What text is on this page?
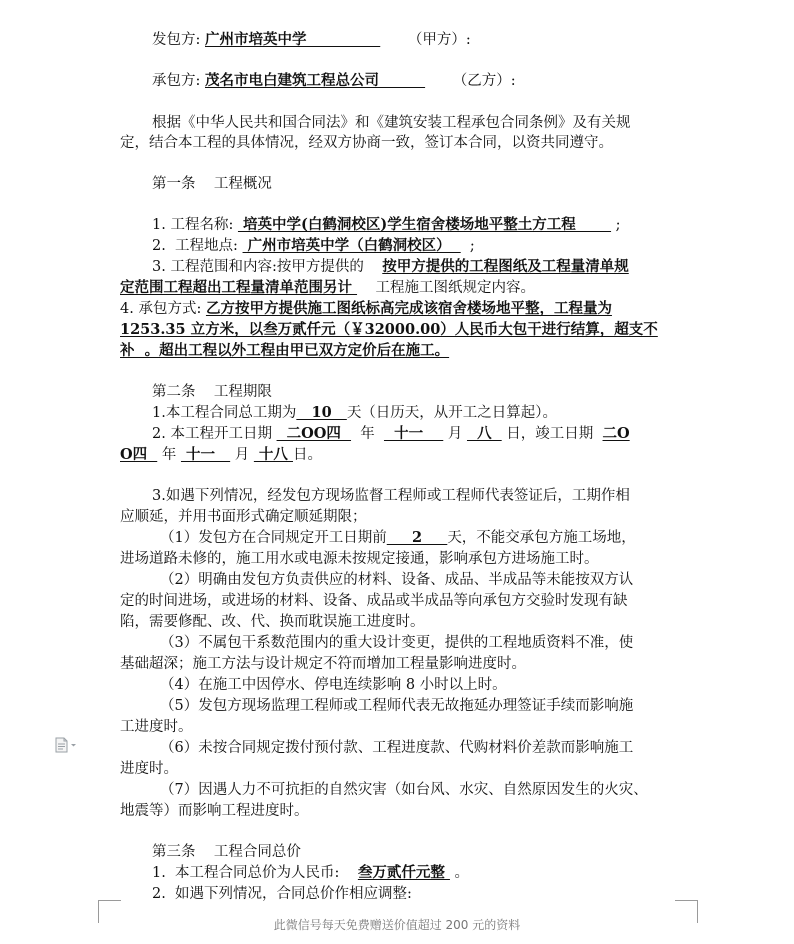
发包方: 广州市培英中学	（甲方）:
承包方: 茂名市电白建筑工程总公司	（乙方）:
根据《中华人民共和国合同法》和《建筑安装工程承包合同条例》及有关规
定，结合本工程的具体情况，经双方协商一致，签订本合同，以资共同遵守。
第一条    工程概况
1. 工程名称:  培英中学(白鹤洞校区)学生宿舍楼场地平整土方工程        ;
2.  工程地点:  广州市培英中学（白鹤洞校区）    ;
3. 工程范围和内容:按甲方提供的    按甲方提供的工程图纸及工程量清单规
定范围工程超出工程量清单范围另计     工程施工图纸规定内容。
4. 承包方式: 乙方按甲方提供施工图纸标高完成该宿舍楼场地平整，工程量为
1253.35 立方米，以叁万贰仟元（￥32000.00）人民币大包干进行结算，超支不
补  。超出工程以外工程由甲已双方定价后在施工。
第二条    工程期限
1.本工程合同总工期为   10   天（日历天，从开工之日算起）。
2. 本工程开工日期   二OO四    年    十一     月   八   日，竣工日期  二O
O四   年  十一    月  十八 日。
3.如遇下列情况，经发包方现场监督工程师或工程师代表签证后，工期作相
应顺延，并用书面形式确定顺延期限；
（1）发包方在合同规定开工日期前     2     天，不能交承包方施工场地，
进场道路未修的，施工用水或电源未按规定接通，影响承包方进场施工时。
（2）明确由发包方负责供应的材料、设备、成品、半成品等未能按双方认
定的时间进场，或进场的材料、设备、成品或半成品等向承包方交验时发现有缺
陷，需要修配、改、代、换而耽误施工进度时。
（3）不属包干系数范围内的重大设计变更，提供的工程地质资料不准，使
基础超深；施工方法与设计规定不符而增加工程量影响进度时。
（4）在施工中因停水、停电连续影响 8 小时以上时。
（5）发包方现场监理工程师或工程师代表无故拖延办理签证手续而影响施
工进度时。
（6）未按合同规定拨付预付款、工程进度款、代购材料价差款而影响施工
进度时。
（7）因遇人力不可抗拒的自然灾害（如台风、水灾、自然原因发生的火灾、
地震等）而影响工程进度时。
第三条    工程合同总价
1.  本工程合同总价为人民币:    叁万贰仟元整  。
2.  如遇下列情况，合同总价作相应调整:
此微信号每天免费赠送价值超过 200 元的资料
